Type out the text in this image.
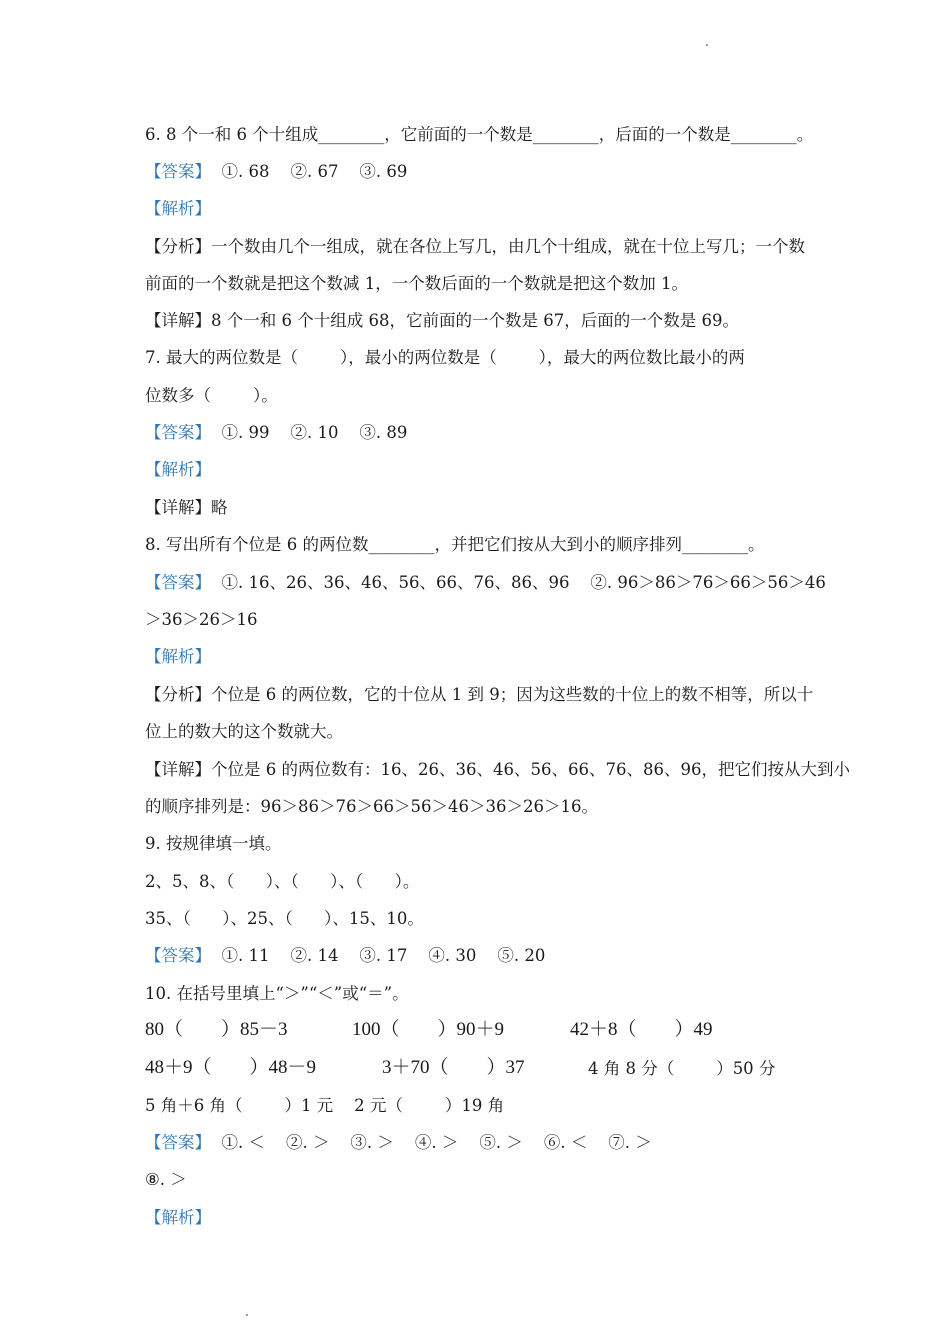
6. 8 个一和 6 个十组成________，它前面的一个数是________，后面的一个数是________。
【答案】  ①. 68    ②. 67    ③. 69
【解析】
【分析】一个数由几个一组成，就在各位上写几，由几个十组成，就在十位上写几；一个数
前面的一个数就是把这个数减 1，一个数后面的一个数就是把这个数加 1。
【详解】8 个一和 6 个十组成 68，它前面的一个数是 67，后面的一个数是 69。
7. 最大的两位数是（        ），最小的两位数是（        ），最大的两位数比最小的两
位数多（        ）。
【答案】  ①. 99    ②. 10    ③. 89
【解析】
【详解】略
8. 写出所有个位是 6 的两位数________，并把它们按从大到小的顺序排列________。
【答案】  ①. 16、26、36、46、56、66、76、86、96    ②. 96＞86＞76＞66＞56＞46
＞36＞26＞16
【解析】
【分析】个位是 6 的两位数，它的十位从 1 到 9；因为这些数的十位上的数不相等，所以十
位上的数大的这个数就大。
【详解】个位是 6 的两位数有：16、26、36、46、56、66、76、86、96，把它们按从大到小
的顺序排列是：96＞86＞76＞66＞56＞46＞36＞26＞16。
9. 按规律填一填。
2、5、8、（      ）、（      ）、（      ）。
35、（      ）、25、（      ）、15、10。
【答案】  ①. 11    ②. 14    ③. 17    ④. 30    ⑤. 20
10. 在括号里填上“＞”“＜”或“＝”。
80（        ）85－3	100（        ）90＋9	42＋8（        ）49
48＋9（        ）48－9	3＋70（        ）37	4 角 8 分（        ）50 分
5 角＋6 角（        ）1 元    2 元（        ）19 角
【答案】  ①. ＜    ②. ＞    ③. ＞    ④. ＞    ⑤. ＞    ⑥. ＜    ⑦. ＞
⑧. ＞
【解析】
